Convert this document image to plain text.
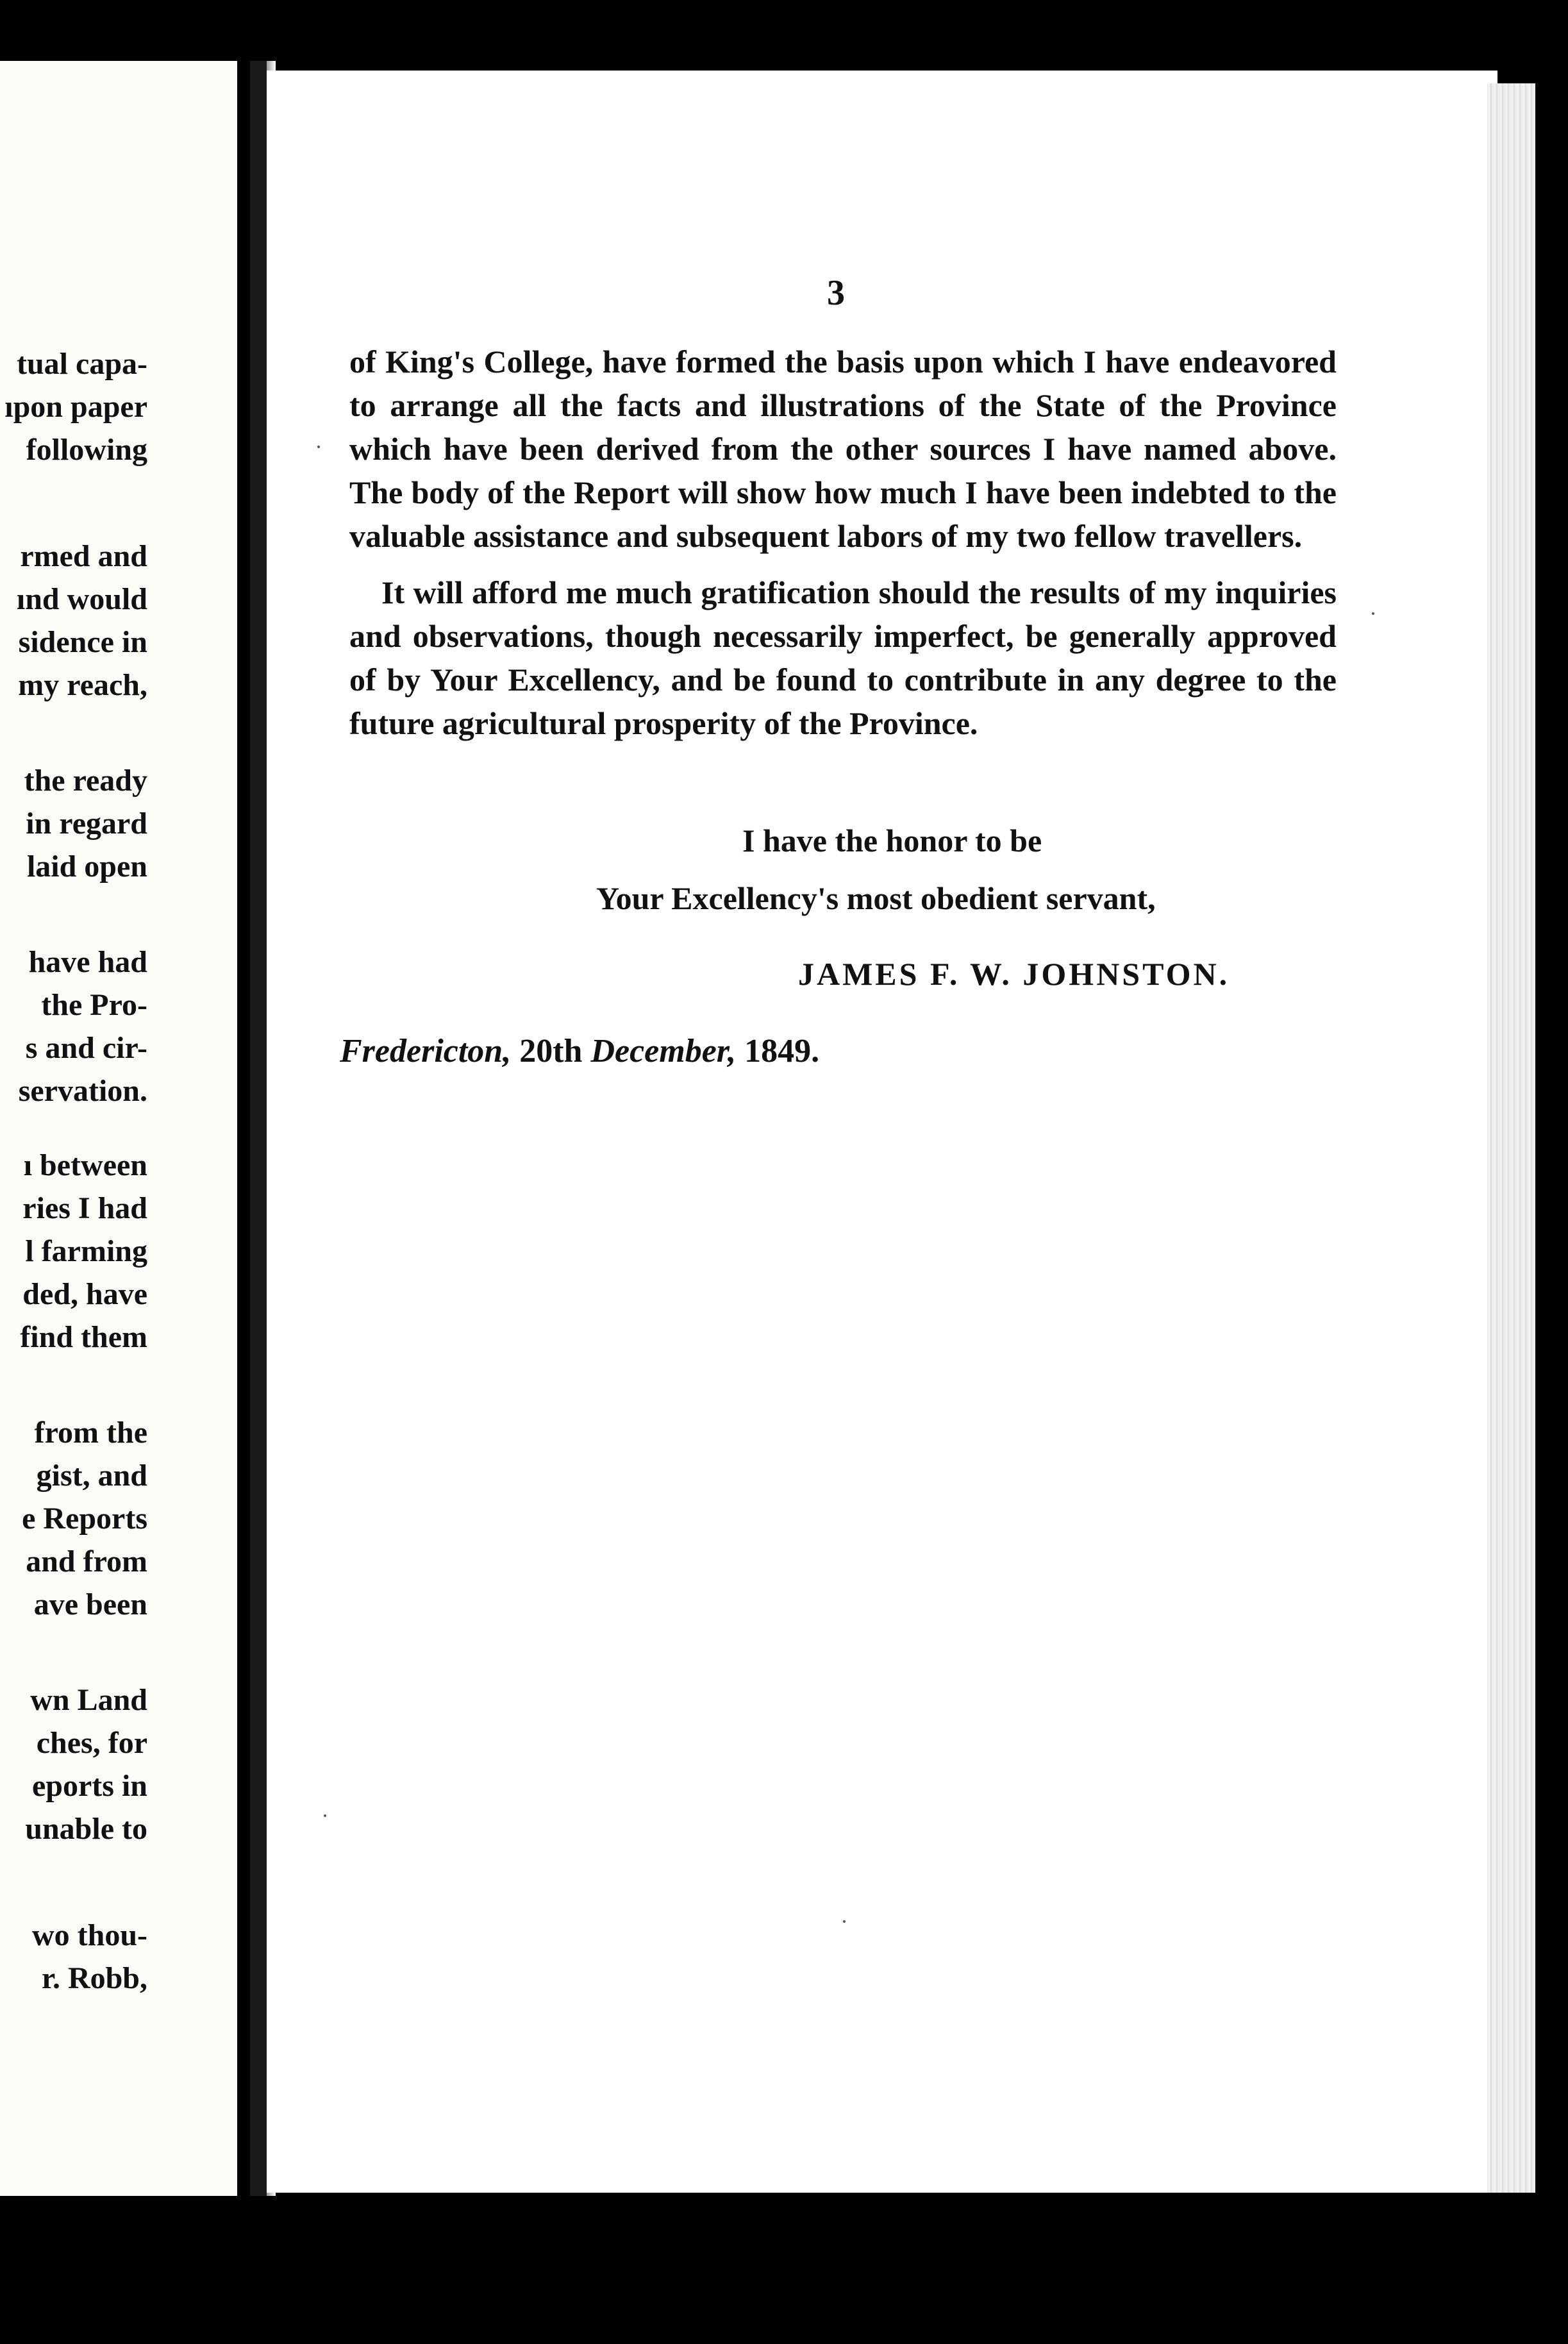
tual capa-
ıpon paper
following
rmed and
ınd would
sidence in
my reach,
the ready
in regard
laid open
have had
the Pro-
s and cir-
servation.
ı between
ries I had
l farming
ded, have
find them
from the
gist, and
e Reports
and from
ave been
wn Land
ches, for
eports in
unable to
wo thou-
r. Robb,
3

of King's College, have formed the basis upon which I have endeavored to arrange all the facts and illustrations of the State of the Province which have been derived from the other sources I have named above. The body of the Report will show how much I have been indebted to the valuable assistance and subsequent labors of my two fellow travellers.

It will afford me much gratification should the results of my inquiries and observations, though necessarily imperfect, be generally approved of by Your Excellency, and be found to contribute in any degree to the future agricultural prosperity of the Province.

I have the honor to be
Your Excellency's most obedient servant,
JAMES F. W. JOHNSTON.
Fredericton, 20th December, 1849.
